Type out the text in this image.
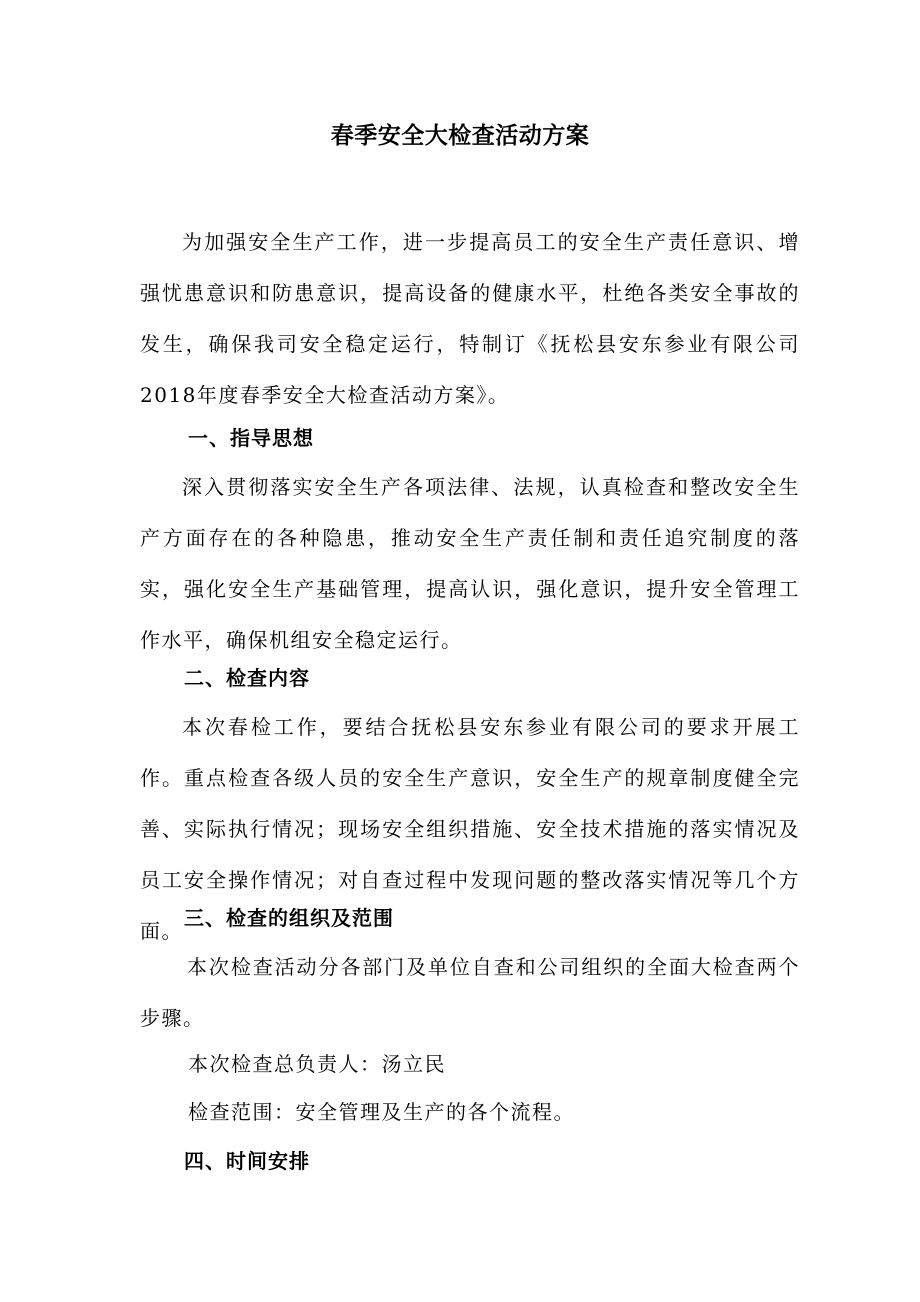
春季安全大检查活动方案
为加强安全生产工作，进一步提高员工的安全生产责任意识、增强忧患意识和防患意识，提高设备的健康水平，杜绝各类安全事故的发生，确保我司安全稳定运行，特制订《抚松县安东参业有限公司2018年度春季安全大检查活动方案》。
一、指导思想
深入贯彻落实安全生产各项法律、法规，认真检查和整改安全生产方面存在的各种隐患，推动安全生产责任制和责任追究制度的落实，强化安全生产基础管理，提高认识，强化意识，提升安全管理工作水平，确保机组安全稳定运行。
二、检查内容
本次春检工作，要结合抚松县安东参业有限公司的要求开展工作。重点检查各级人员的安全生产意识，安全生产的规章制度健全完善、实际执行情况；现场安全组织措施、安全技术措施的落实情况及员工安全操作情况；对自查过程中发现问题的整改落实情况等几个方面。
三、检查的组织及范围
本次检查活动分各部门及单位自查和公司组织的全面大检查两个步骤。
本次检查总负责人：汤立民
检查范围：安全管理及生产的各个流程。
四、时间安排
